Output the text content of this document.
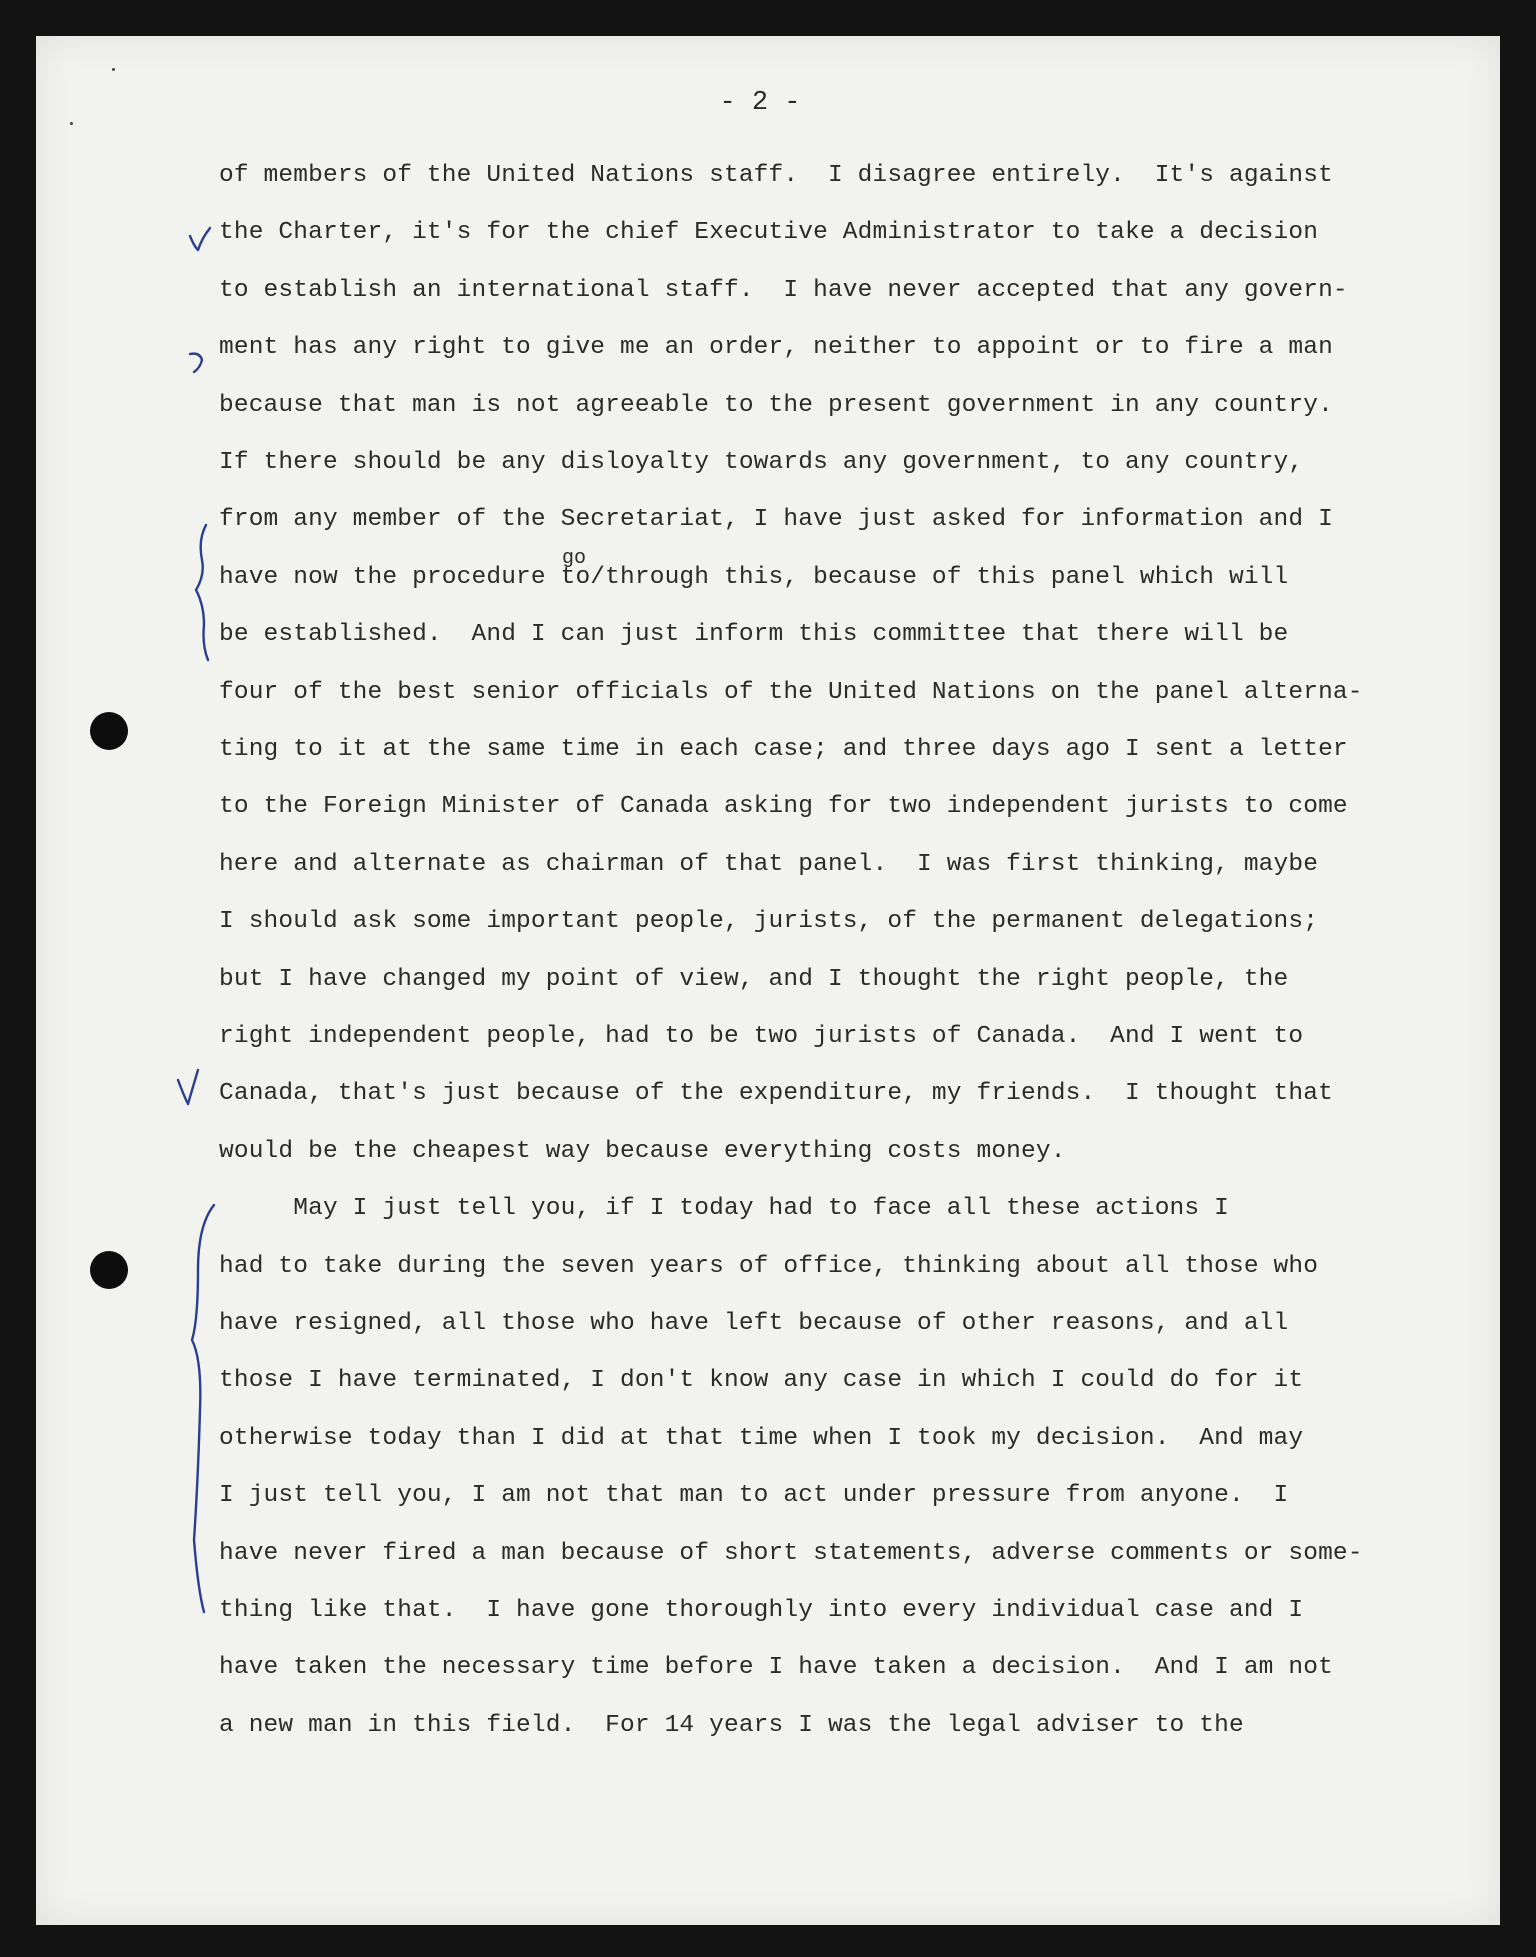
- 2 -
of members of the United Nations staff.  I disagree entirely.  It's against
the Charter, it's for the chief Executive Administrator to take a decision
to establish an international staff.  I have never accepted that any govern-
ment has any right to give me an order, neither to appoint or to fire a man
because that man is not agreeable to the present government in any country.
If there should be any disloyalty towards any government, to any country,
from any member of the Secretariat, I have just asked for information and I
have now the procedure to/through this, because of this panel which will
be established.  And I can just inform this committee that there will be
four of the best senior officials of the United Nations on the panel alterna-
ting to it at the same time in each case; and three days ago I sent a letter
to the Foreign Minister of Canada asking for two independent jurists to come
here and alternate as chairman of that panel.  I was first thinking, maybe
I should ask some important people, jurists, of the permanent delegations;
but I have changed my point of view, and I thought the right people, the
right independent people, had to be two jurists of Canada.  And I went to
Canada, that's just because of the expenditure, my friends.  I thought that
would be the cheapest way because everything costs money.
May I just tell you, if I today had to face all these actions I
had to take during the seven years of office, thinking about all those who
have resigned, all those who have left because of other reasons, and all
those I have terminated, I don't know any case in which I could do for it
otherwise today than I did at that time when I took my decision.  And may
I just tell you, I am not that man to act under pressure from anyone.  I
have never fired a man because of short statements, adverse comments or some-
thing like that.  I have gone thoroughly into every individual case and I
have taken the necessary time before I have taken a decision.  And I am not
a new man in this field.  For 14 years I was the legal adviser to the
go
